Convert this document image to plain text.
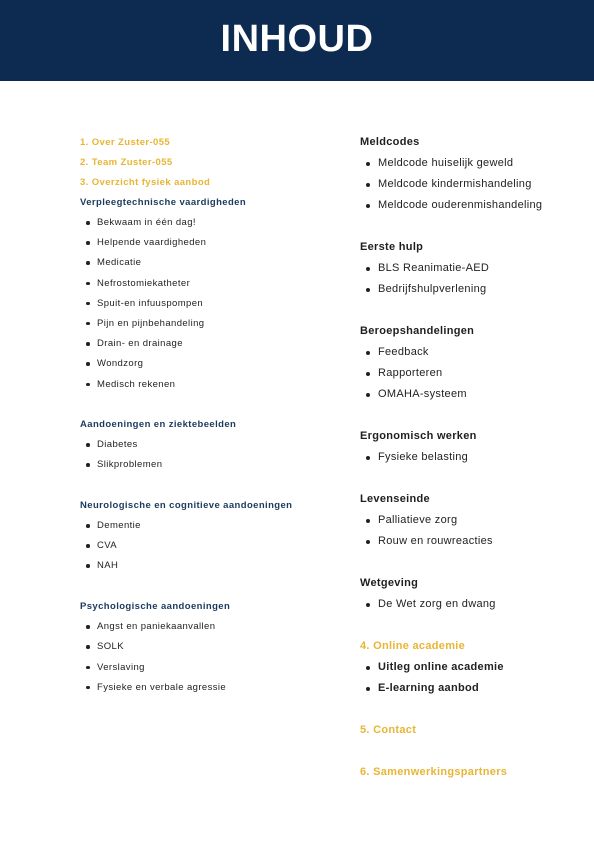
INHOUD
1. Over Zuster-055
2. Team Zuster-055
3. Overzicht fysiek aanbod
Verpleegtechnische vaardigheden
Bekwaam in één dag!
Helpende vaardigheden
Medicatie
Nefrostomiekatheter
Spuit-en infuuspompen
Pijn en pijnbehandeling
Drain- en drainage
Wondzorg
Medisch rekenen
Aandoeningen en ziektebeelden
Diabetes
Slikproblemen
Neurologische en cognitieve aandoeningen
Dementie
CVA
NAH
Psychologische aandoeningen
Angst en paniekaanvallen
SOLK
Verslaving
Fysieke en verbale agressie
Meldcodes
Meldcode huiselijk geweld
Meldcode kindermishandeling
Meldcode ouderenmishandeling
Eerste hulp
BLS Reanimatie-AED
Bedrijfshulpverlening
Beroepshandelingen
Feedback
Rapporteren
OMAHA-systeem
Ergonomisch werken
Fysieke belasting
Levenseinde
Palliatieve zorg
Rouw en rouwreacties
Wetgeving
De Wet zorg en dwang
4. Online academie
Uitleg online academie
E-learning aanbod
5. Contact
6. Samenwerkingspartners
